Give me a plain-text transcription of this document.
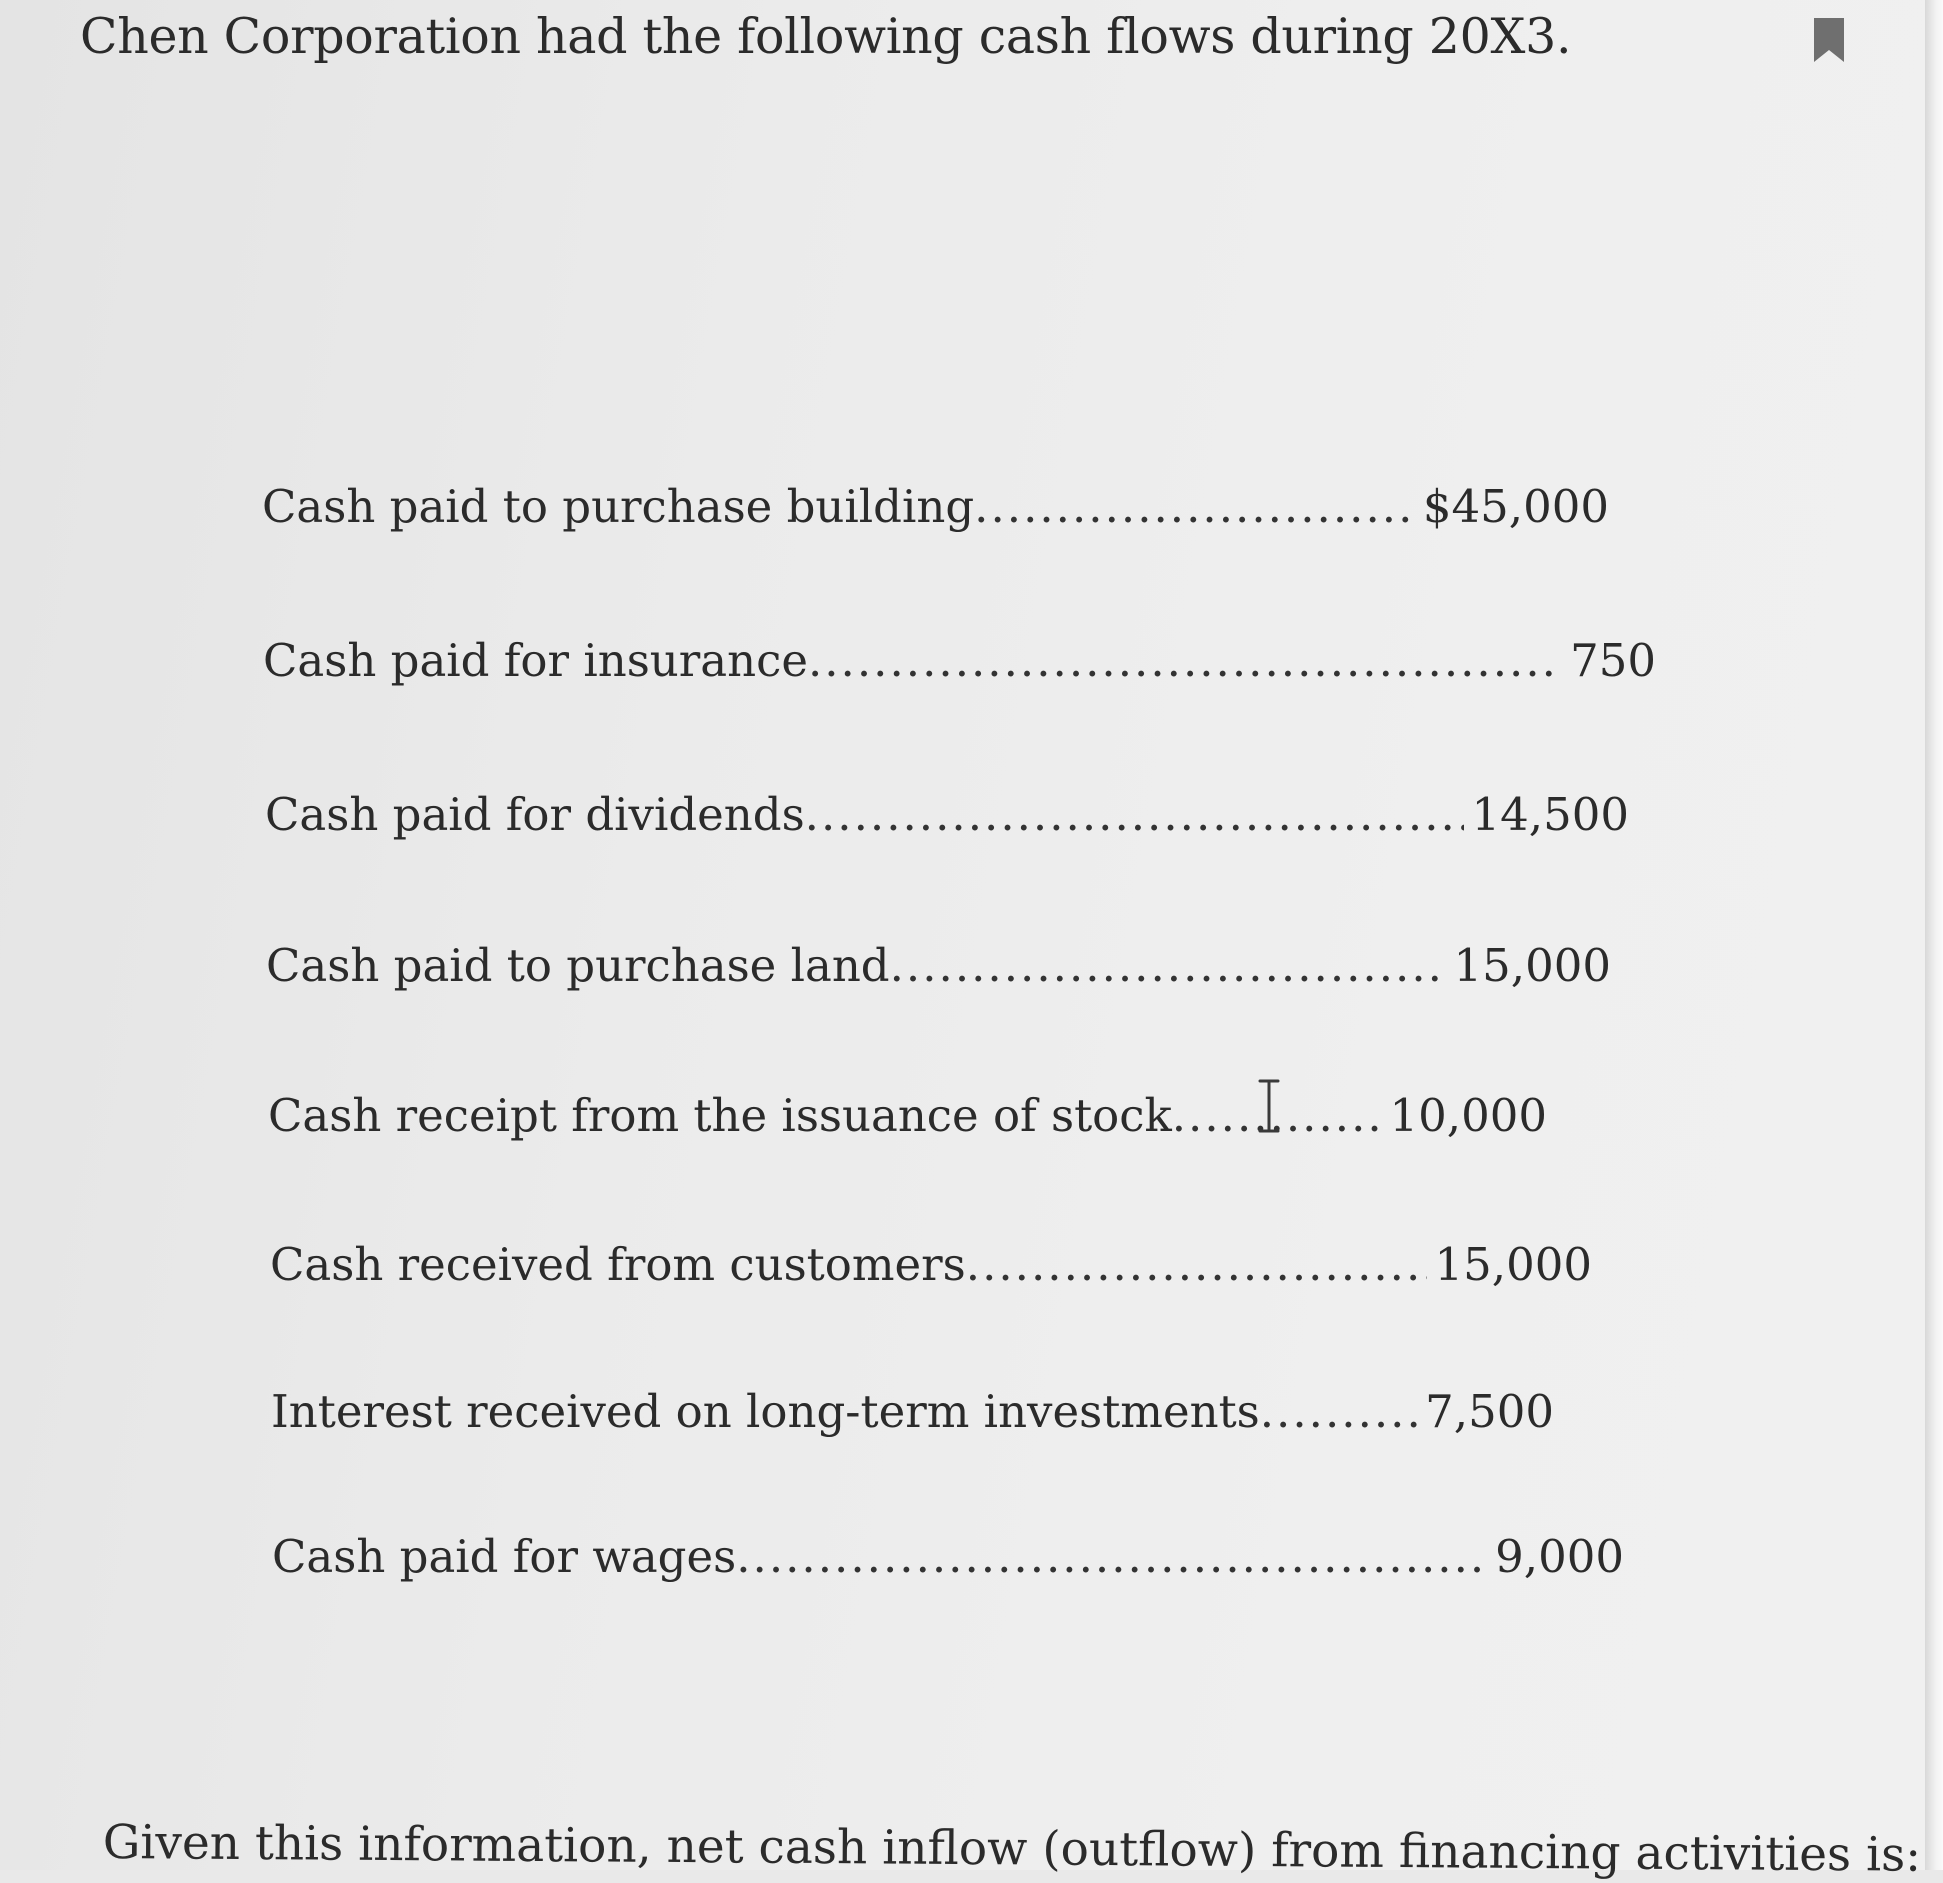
Chen Corporation had the following cash flows during 20X3.
Cash paid to purchase building .....	$45,000
Cash paid for insurance .....	750
Cash paid for dividends .....	14,500
Cash paid to purchase land .....	15,000
Cash receipt from the issuance of stock .....	10,000
Cash received from customers .....	15,000
Interest received on long-term investments .....	7,500
Cash paid for wages .....	9,000

Given this information, net cash inflow (outflow) from financing activities is:
